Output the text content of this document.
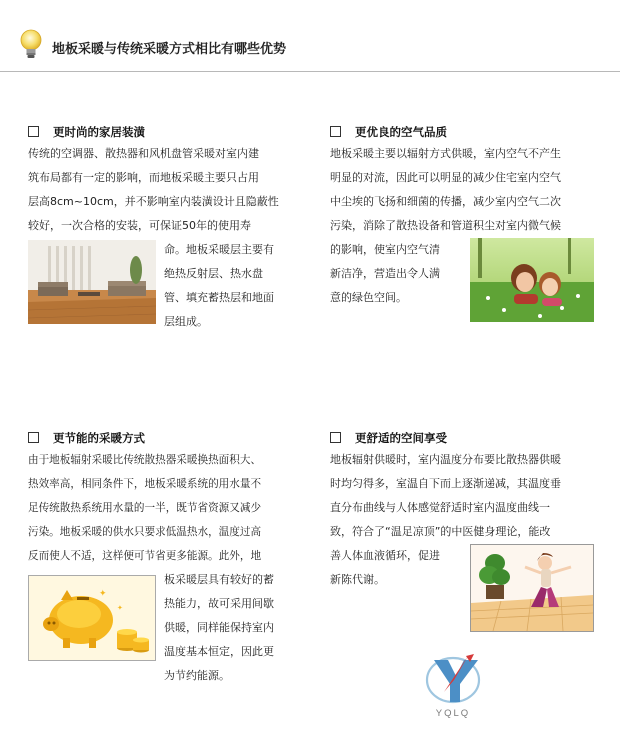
地板采暖与传统采暖方式相比有哪些优势
更时尚的家居装潢
传统的空调器、散热器和风机盘管采暖对室内建
筑布局都有一定的影响，而地板采暖主要只占用
层高8cm~10cm，并不影响室内装潢设计且隐蔽性
较好，一次合格的安装，可保证50年的使用寿
命。地板采暖层主要有
绝热反射层、热水盘
管、填充蓄热层和地面
层组成。
更优良的空气品质
地板采暖主要以辐射方式供暖，室内空气不产生
明显的对流，因此可以明显的减少住宅室内空气
中尘埃的飞扬和细菌的传播，减少室内空气二次
污染，消除了散热设备和管道积尘对室内微气候
的影响，使室内空气清
新洁净，营造出令人满
意的绿色空间。
更节能的采暖方式
由于地板辐射采暖比传统散热器采暖换热面积大、
热效率高，相同条件下，地板采暖系统的用水量不
足传统散热系统用水量的一半，既节省资源又减少
污染。地板采暖的供水只要求低温热水，温度过高
反而使人不适，这样便可节省更多能源。此外，地
板采暖层具有较好的蓄
热能力，故可采用间歇
供暖，同样能保持室内
温度基本恒定，因此更
为节约能源。
✦
✦
更舒适的空间享受
地板辐射供暖时，室内温度分布要比散热器供暖
时均匀得多，室温自下而上逐渐递减，其温度垂
直分布曲线与人体感觉舒适时室内温度曲线一
致，符合了“温足凉顶”的中医健身理论，能改
善人体血液循环，促进
新陈代谢。
YQLQ
